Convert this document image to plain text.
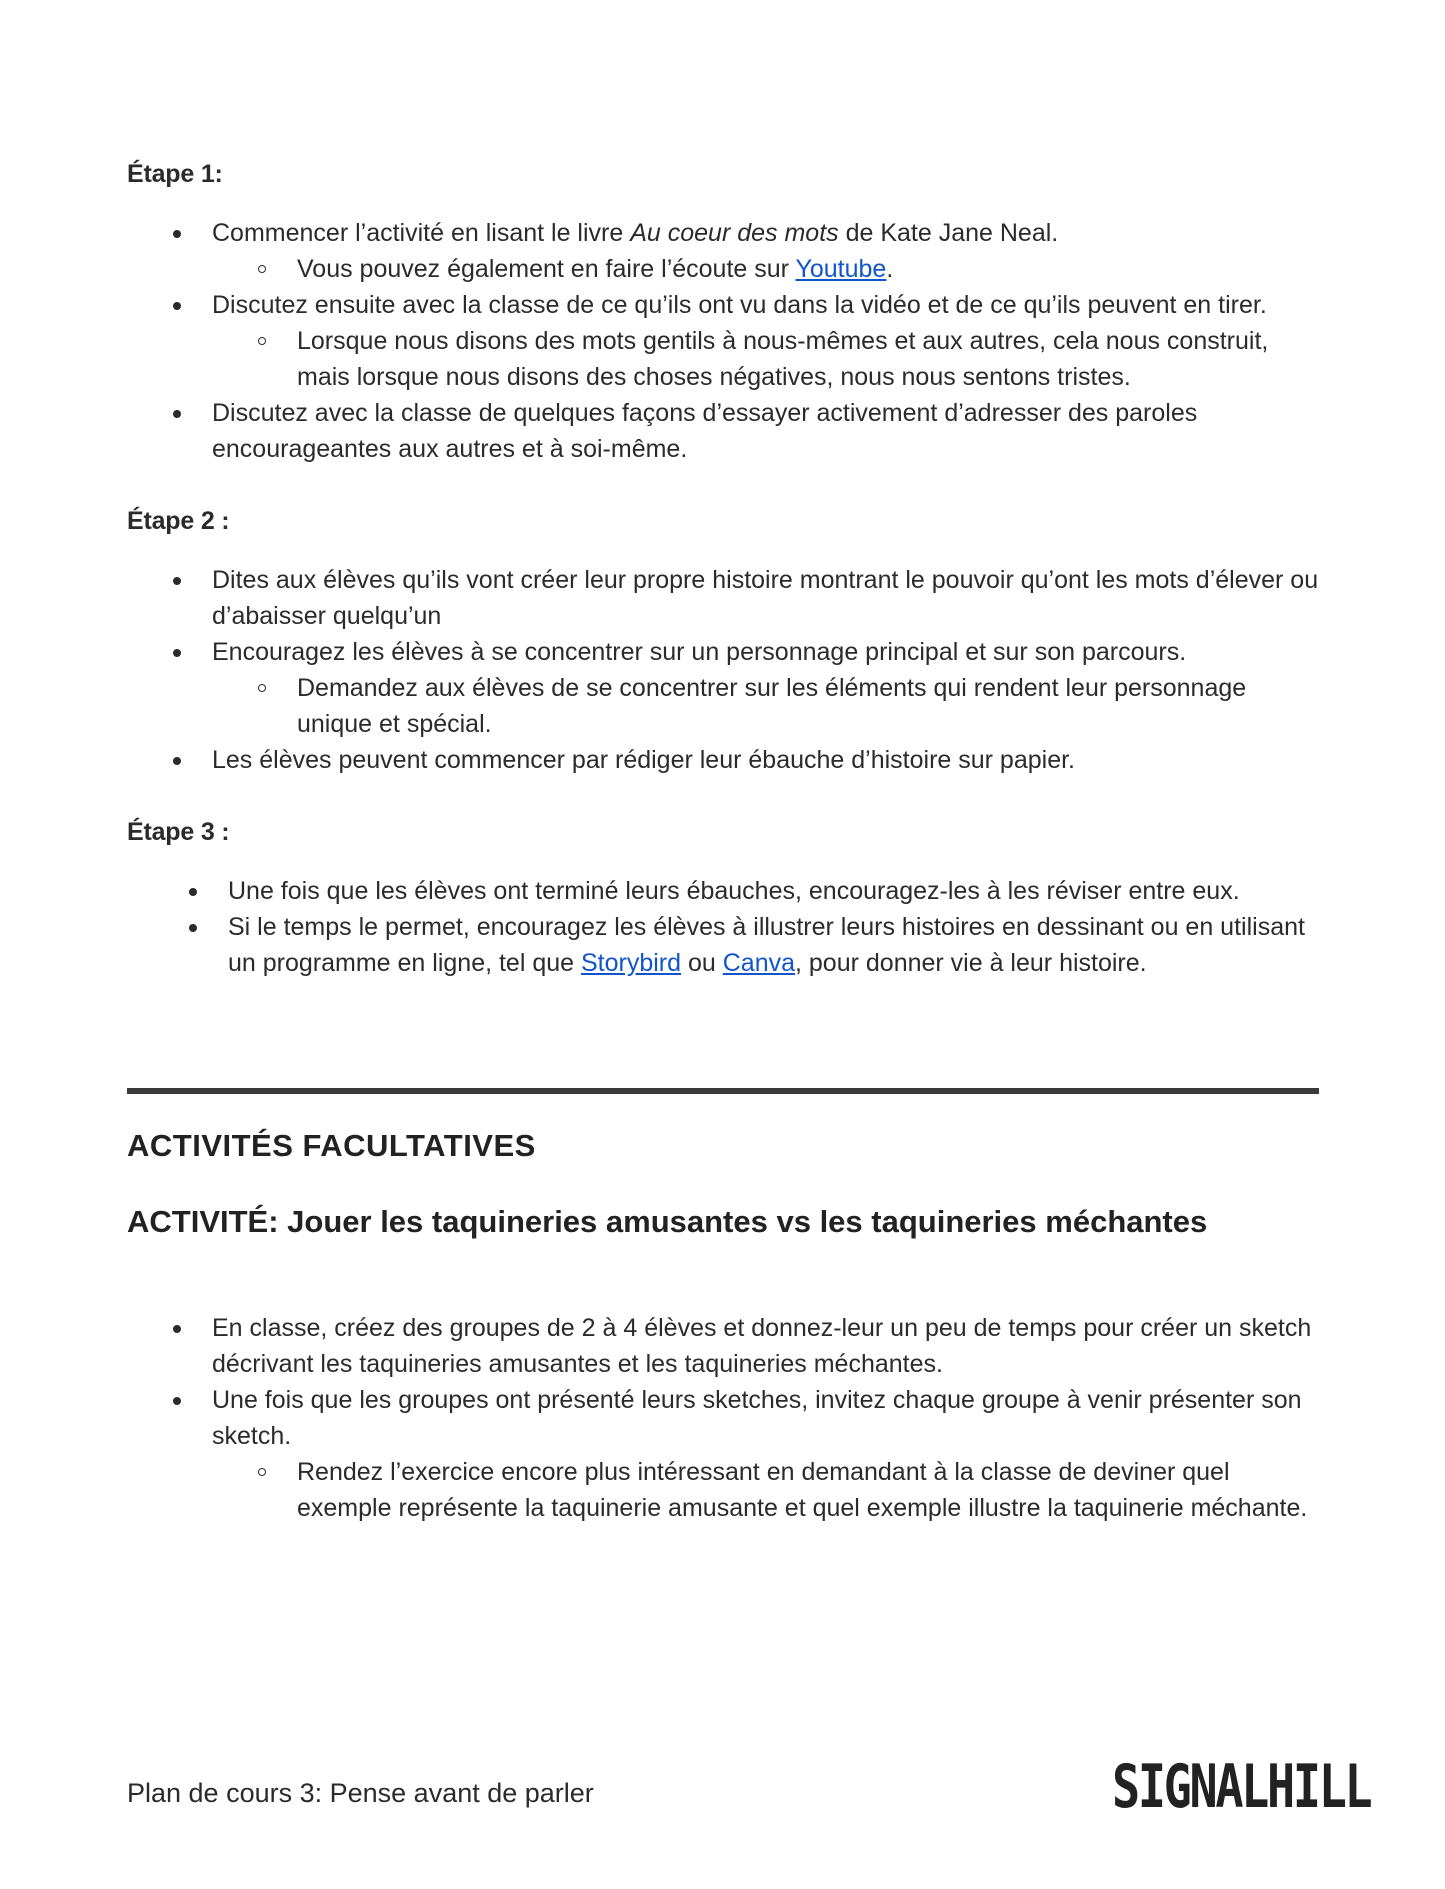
Étape 1:
Commencer l’activité en lisant le livre Au coeur des mots de Kate Jane Neal.
Vous pouvez également en faire l’écoute sur Youtube.
Discutez ensuite avec la classe de ce qu’ils ont vu dans la vidéo et de ce qu’ils peuvent en tirer.
Lorsque nous disons des mots gentils à nous-mêmes et aux autres, cela nous construit, mais lorsque nous disons des choses négatives, nous nous sentons tristes.
Discutez avec la classe de quelques façons d’essayer activement d’adresser des paroles encourageantes aux autres et à soi-même.
Étape 2 :
Dites aux élèves qu’ils vont créer leur propre histoire montrant le pouvoir qu’ont les mots d’élever ou d’abaisser quelqu’un
Encouragez les élèves à se concentrer sur un personnage principal et sur son parcours.
Demandez aux élèves de se concentrer sur les éléments qui rendent leur personnage unique et spécial.
Les élèves peuvent commencer par rédiger leur ébauche d’histoire sur papier.
Étape 3 :
Une fois que les élèves ont terminé leurs ébauches, encouragez-les à les réviser entre eux.
Si le temps le permet, encouragez les élèves à illustrer leurs histoires en dessinant ou en utilisant un programme en ligne, tel que Storybird ou Canva, pour donner vie à leur histoire.
ACTIVITÉS FACULTATIVES
ACTIVITÉ: Jouer les taquineries amusantes vs les taquineries méchantes
En classe, créez des groupes de 2 à 4 élèves et donnez-leur un peu de temps pour créer un sketch décrivant les taquineries amusantes et les taquineries méchantes.
Une fois que les groupes ont présenté leurs sketches, invitez chaque groupe à venir présenter son sketch.
Rendez l’exercice encore plus intéressant en demandant à la classe de deviner quel exemple représente la taquinerie amusante et quel exemple illustre la taquinerie méchante.
Plan de cours 3: Pense avant de parler	SIGNALHILL
